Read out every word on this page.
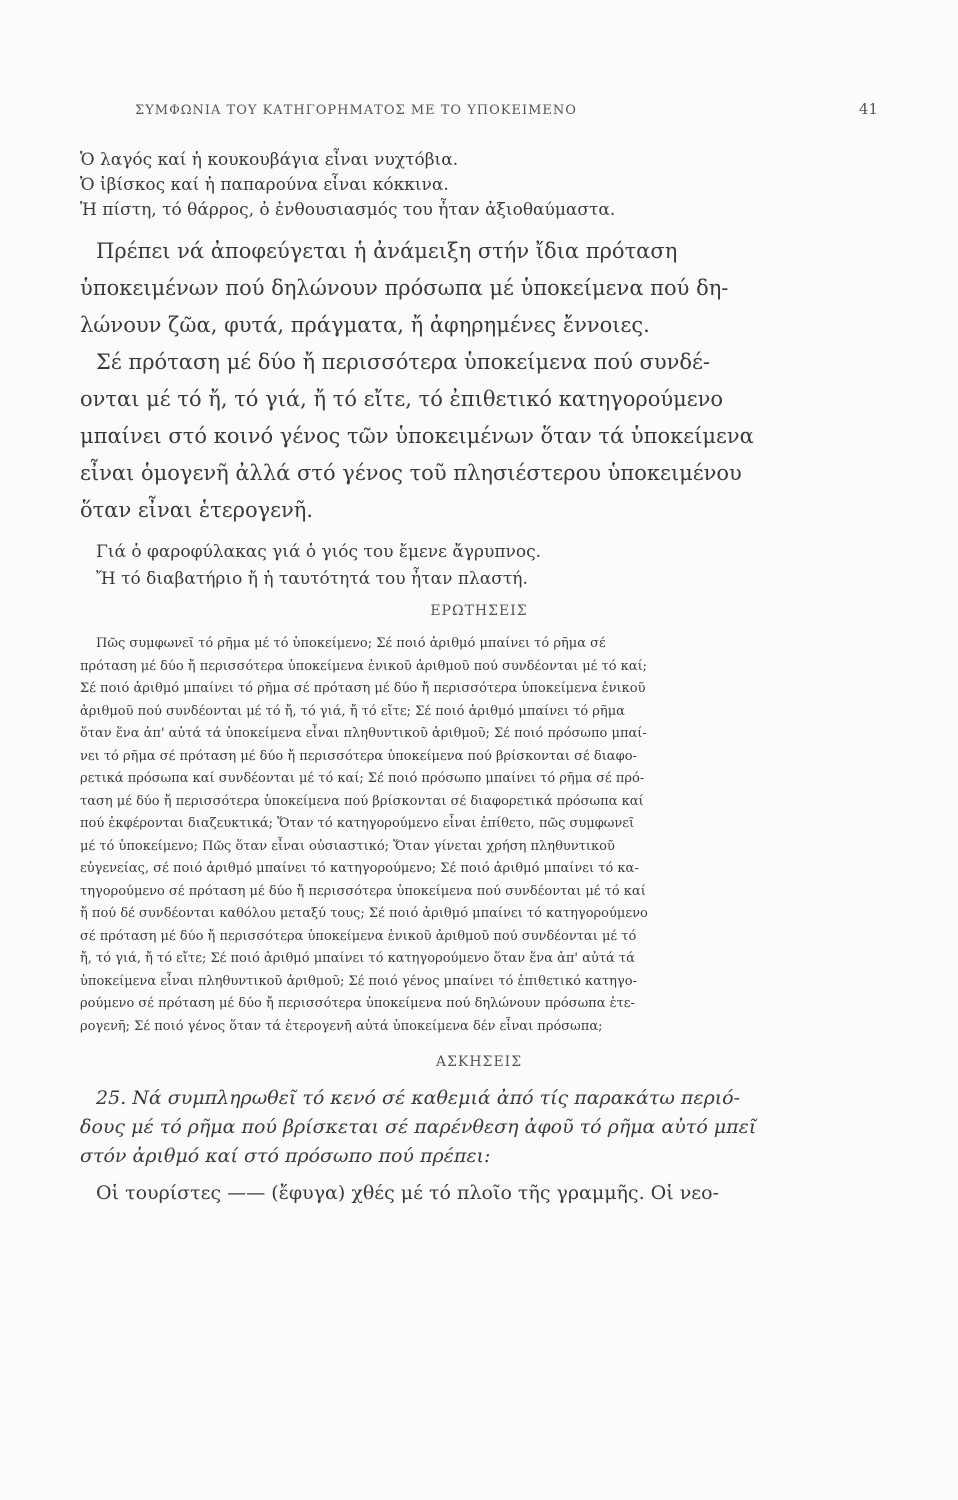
ΣΥΜΦΩΝΙΑ ΤΟΥ ΚΑΤΗΓΟΡΗΜΑΤΟΣ ΜΕ ΤΟ ΥΠΟΚΕΙΜΕΝΟ	41

Ὁ λαγός καί ἡ κουκουβάγια εἶναι νυχτόβια.

Ὁ ἰβίσκος καί ἡ παπαρούνα εἶναι κόκκινα.

Ἡ πίστη, τό θάρρος, ὁ ἐνθουσιασμός του ἦταν ἀξιοθαύμαστα.

Πρέπει νά ἀποφεύγεται ἡ ἀνάμειξη στήν ἴδια πρόταση

ὑποκειμένων πού δηλώνουν πρόσωπα μέ ὑποκείμενα πού δη-

λώνουν ζῶα, φυτά, πράγματα, ἤ ἀφηρημένες ἔννοιες.

Σέ πρόταση μέ δύο ἤ περισσότερα ὑποκείμενα πού συνδέ-

ονται μέ τό ἤ, τό γιά, ἤ τό εἴτε, τό ἐπιθετικό κατηγορούμενο

μπαίνει στό κοινό γένος τῶν ὑποκειμένων ὅταν τά ὑποκείμενα

εἶναι ὁμογενῆ ἀλλά στό γένος τοῦ πλησιέστερου ὑποκειμένου

ὅταν εἶναι ἑτερογενῆ.

Γιά ὁ φαροφύλακας γιά ὁ γιός του ἔμενε ἄγρυπνος.

Ἤ τό διαβατήριο ἤ ἡ ταυτότητά του ἦταν πλαστή.

ΕΡΩΤΗΣΕΙΣ

Πῶς συμφωνεῖ τό ρῆμα μέ τό ὑποκείμενο; Σέ ποιό ἀριθμό μπαίνει τό ρῆμα σέ

πρόταση μέ δύο ἤ περισσότερα ὑποκείμενα ἑνικοῦ ἀριθμοῦ πού συνδέονται μέ τό καί;

Σέ ποιό ἀριθμό μπαίνει τό ρῆμα σέ πρόταση μέ δύο ἤ περισσότερα ὑποκείμενα ἑνικοῦ

ἀριθμοῦ πού συνδέονται μέ τό ἤ, τό γιά, ἤ τό εἴτε; Σέ ποιό ἀριθμό μπαίνει τό ρῆμα

ὅταν ἕνα ἀπ' αὐτά τά ὑποκείμενα εἶναι πληθυντικοῦ ἀριθμοῦ; Σέ ποιό πρόσωπο μπαί-

νει τό ρῆμα σέ πρόταση μέ δύο ἤ περισσότερα ὑποκείμενα πού βρίσκονται σέ διαφο-

ρετικά πρόσωπα καί συνδέονται μέ τό καί; Σέ ποιό πρόσωπο μπαίνει τό ρῆμα σέ πρό-

ταση μέ δύο ἤ περισσότερα ὑποκείμενα πού βρίσκονται σέ διαφορετικά πρόσωπα καί

πού ἐκφέρονται διαζευκτικά; Ὅταν τό κατηγορούμενο εἶναι ἐπίθετο, πῶς συμφωνεῖ

μέ τό ὑποκείμενο; Πῶς ὅταν εἶναι οὐσιαστικό; Ὅταν γίνεται χρήση πληθυντικοῦ

εὐγενείας, σέ ποιό ἀριθμό μπαίνει τό κατηγορούμενο; Σέ ποιό ἀριθμό μπαίνει τό κα-

τηγορούμενο σέ πρόταση μέ δύο ἤ περισσότερα ὑποκείμενα πού συνδέονται μέ τό καί

ἤ πού δέ συνδέονται καθόλου μεταξύ τους; Σέ ποιό ἀριθμό μπαίνει τό κατηγορούμενο

σέ πρόταση μέ δύο ἤ περισσότερα ὑποκείμενα ἑνικοῦ ἀριθμοῦ πού συνδέονται μέ τό

ἤ, τό γιά, ἤ τό εἴτε; Σέ ποιό ἀριθμό μπαίνει τό κατηγορούμενο ὅταν ἕνα ἀπ' αὐτά τά

ὑποκείμενα εἶναι πληθυντικοῦ ἀριθμοῦ; Σέ ποιό γένος μπαίνει τό ἐπιθετικό κατηγο-

ρούμενο σέ πρόταση μέ δύο ἤ περισσότερα ὑποκείμενα πού δηλώνουν πρόσωπα ἑτε-

ρογενῆ; Σέ ποιό γένος ὅταν τά ἑτερογενῆ αὐτά ὑποκείμενα δέν εἶναι πρόσωπα;

ΑΣΚΗΣΕΙΣ

25. Νά συμπληρωθεῖ τό κενό σέ καθεμιά ἀπό τίς παρακάτω περιό-

δους μέ τό ρῆμα πού βρίσκεται σέ παρένθεση ἀφοῦ τό ρῆμα αὐτό μπεῖ

στόν ἀριθμό καί στό πρόσωπο πού πρέπει:

Οἱ τουρίστες —— (ἔφυγα) χθές μέ τό πλοῖο τῆς γραμμῆς. Οἱ νεο-
